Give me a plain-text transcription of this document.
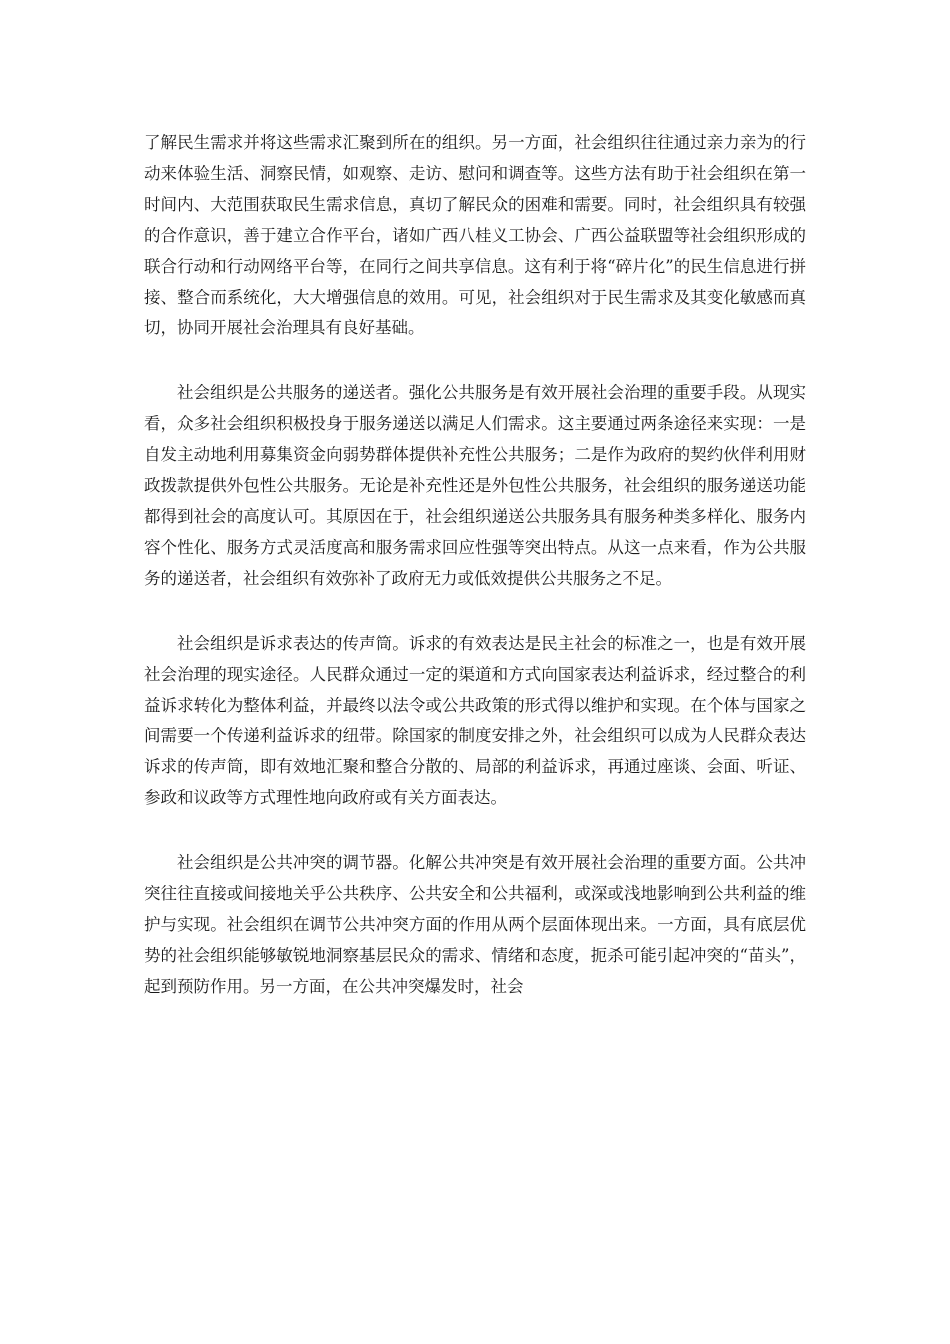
了解民生需求并将这些需求汇聚到所在的组织。另一方面，社会组织往往通过亲力亲为的行动来体验生活、洞察民情，如观察、走访、慰问和调查等。这些方法有助于社会组织在第一时间内、大范围获取民生需求信息，真切了解民众的困难和需要。同时，社会组织具有较强的合作意识，善于建立合作平台，诸如广西八桂义工协会、广西公益联盟等社会组织形成的联合行动和行动网络平台等，在同行之间共享信息。这有利于将“碎片化”的民生信息进行拼接、整合而系统化，大大增强信息的效用。可见，社会组织对于民生需求及其变化敏感而真切，协同开展社会治理具有良好基础。

社会组织是公共服务的递送者。强化公共服务是有效开展社会治理的重要手段。从现实看，众多社会组织积极投身于服务递送以满足人们需求。这主要通过两条途径来实现：一是自发主动地利用募集资金向弱势群体提供补充性公共服务；二是作为政府的契约伙伴利用财政拨款提供外包性公共服务。无论是补充性还是外包性公共服务，社会组织的服务递送功能都得到社会的高度认可。其原因在于，社会组织递送公共服务具有服务种类多样化、服务内容个性化、服务方式灵活度高和服务需求回应性强等突出特点。从这一点来看，作为公共服务的递送者，社会组织有效弥补了政府无力或低效提供公共服务之不足。

社会组织是诉求表达的传声筒。诉求的有效表达是民主社会的标准之一，也是有效开展社会治理的现实途径。人民群众通过一定的渠道和方式向国家表达利益诉求，经过整合的利益诉求转化为整体利益，并最终以法令或公共政策的形式得以维护和实现。在个体与国家之间需要一个传递利益诉求的纽带。除国家的制度安排之外，社会组织可以成为人民群众表达诉求的传声筒，即有效地汇聚和整合分散的、局部的利益诉求，再通过座谈、会面、听证、参政和议政等方式理性地向政府或有关方面表达。

社会组织是公共冲突的调节器。化解公共冲突是有效开展社会治理的重要方面。公共冲突往往直接或间接地关乎公共秩序、公共安全和公共福利，或深或浅地影响到公共利益的维护与实现。社会组织在调节公共冲突方面的作用从两个层面体现出来。一方面，具有底层优势的社会组织能够敏锐地洞察基层民众的需求、情绪和态度，扼杀可能引起冲突的“苗头”，起到预防作用。另一方面，在公共冲突爆发时，社会
